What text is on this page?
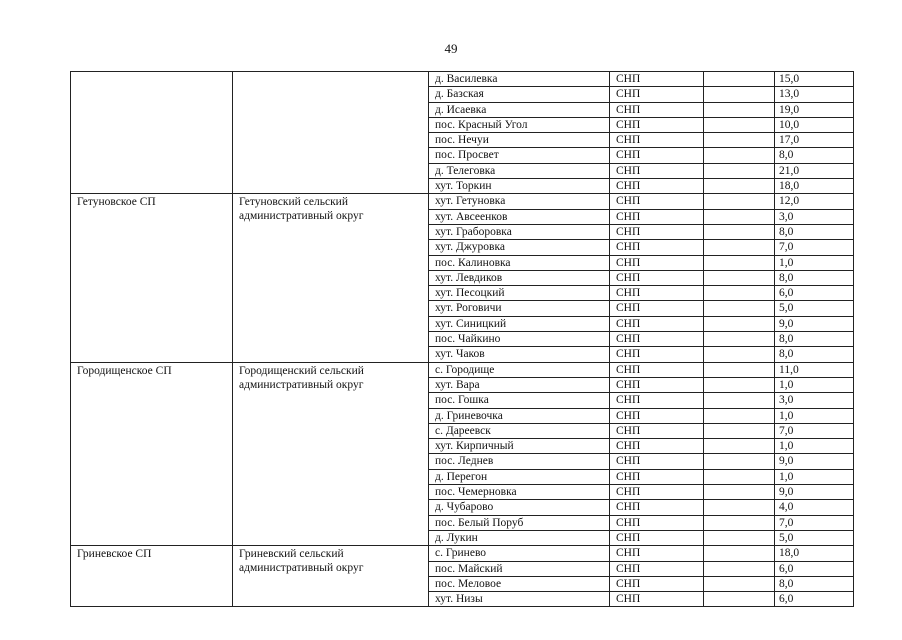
49
		д. Василевка	СНП		15,0
		д. Базская	СНП		13,0
		д. Исаевка	СНП		19,0
		пос. Красный Угол	СНП		10,0
		пос. Нечуи	СНП		17,0
		пос. Просвет	СНП		8,0
		д. Телеговка	СНП		21,0
		хут. Торкин	СНП		18,0
Гетуновское СП	Гетуновский сельский административный округ	хут. Гетуновка	СНП		12,0
		хут. Авсеенков	СНП		3,0
		хут. Граборовка	СНП		8,0
		хут. Джуровка	СНП		7,0
		пос. Калиновка	СНП		1,0
		хут. Левдиков	СНП		8,0
		хут. Песоцкий	СНП		6,0
		хут. Роговичи	СНП		5,0
		хут. Синицкий	СНП		9,0
		пос. Чайкино	СНП		8,0
		хут. Чаков	СНП		8,0
Городищенское СП	Городищенский сельский административный округ	с. Городище	СНП		11,0
		хут. Вара	СНП		1,0
		пос. Гошка	СНП		3,0
		д. Гриневочка	СНП		1,0
		с. Дареевск	СНП		7,0
		хут. Кирпичный	СНП		1,0
		пос. Леднев	СНП		9,0
		д. Перегон	СНП		1,0
		пос. Чемерновка	СНП		9,0
		д. Чубарово	СНП		4,0
		пос. Белый Поруб	СНП		7,0
		д. Лукин	СНП		5,0
Гриневское СП	Гриневский сельский административный округ	с. Гринево	СНП		18,0
		пос. Майский	СНП		6,0
		пос. Меловое	СНП		8,0
		хут. Низы	СНП		6,0
